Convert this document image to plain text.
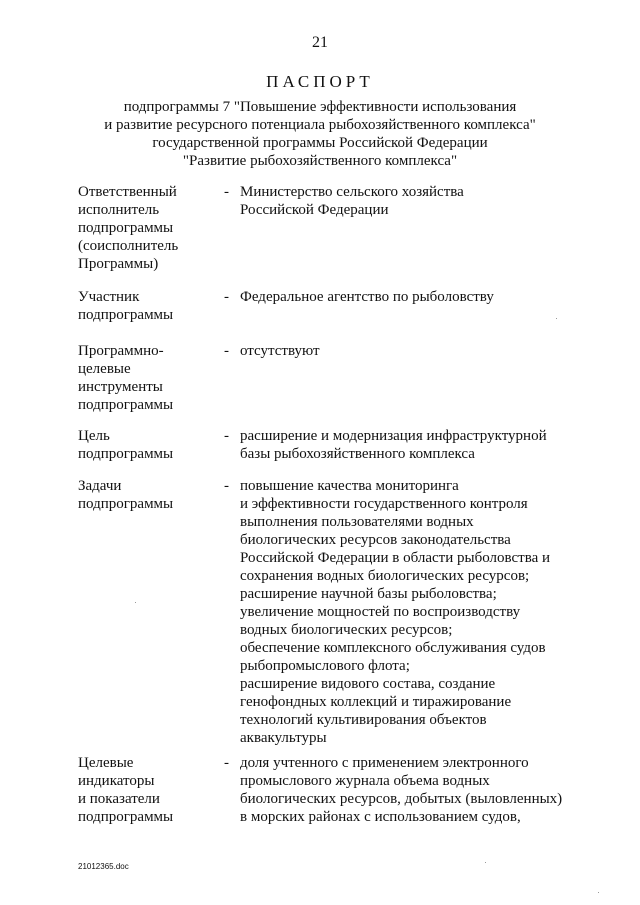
21
ПАСПОРТ
подпрограммы 7 "Повышение эффективности использования
и развитие ресурсного потенциала рыбохозяйственного комплекса"
государственной программы Российской Федерации
"Развитие рыбохозяйственного комплекса"
Ответственный
исполнитель
подпрограммы
(соисполнитель
Программы)
- Министерство сельского хозяйства
Российской Федерации
Участник
подпрограммы
- Федеральное агентство по рыболовству
Программно-
целевые
инструменты
подпрограммы
- отсутствуют
Цель
подпрограммы
- расширение и модернизация инфраструктурной
базы рыбохозяйственного комплекса
Задачи
подпрограммы
- повышение качества мониторинга
и эффективности государственного контроля
выполнения пользователями водных
биологических ресурсов законодательства
Российской Федерации в области рыболовства и
сохранения водных биологических ресурсов;
расширение научной базы рыболовства;
увеличение мощностей по воспроизводству
водных биологических ресурсов;
обеспечение комплексного обслуживания судов
рыбопромыслового флота;
расширение видового состава, создание
генофондных коллекций и тиражирование
технологий культивирования объектов
аквакультуры
Целевые
индикаторы
и показатели
подпрограммы
- доля учтенного с применением электронного
промыслового журнала объема водных
биологических ресурсов, добытых (выловленных)
в морских районах с использованием судов,
21012365.doc
